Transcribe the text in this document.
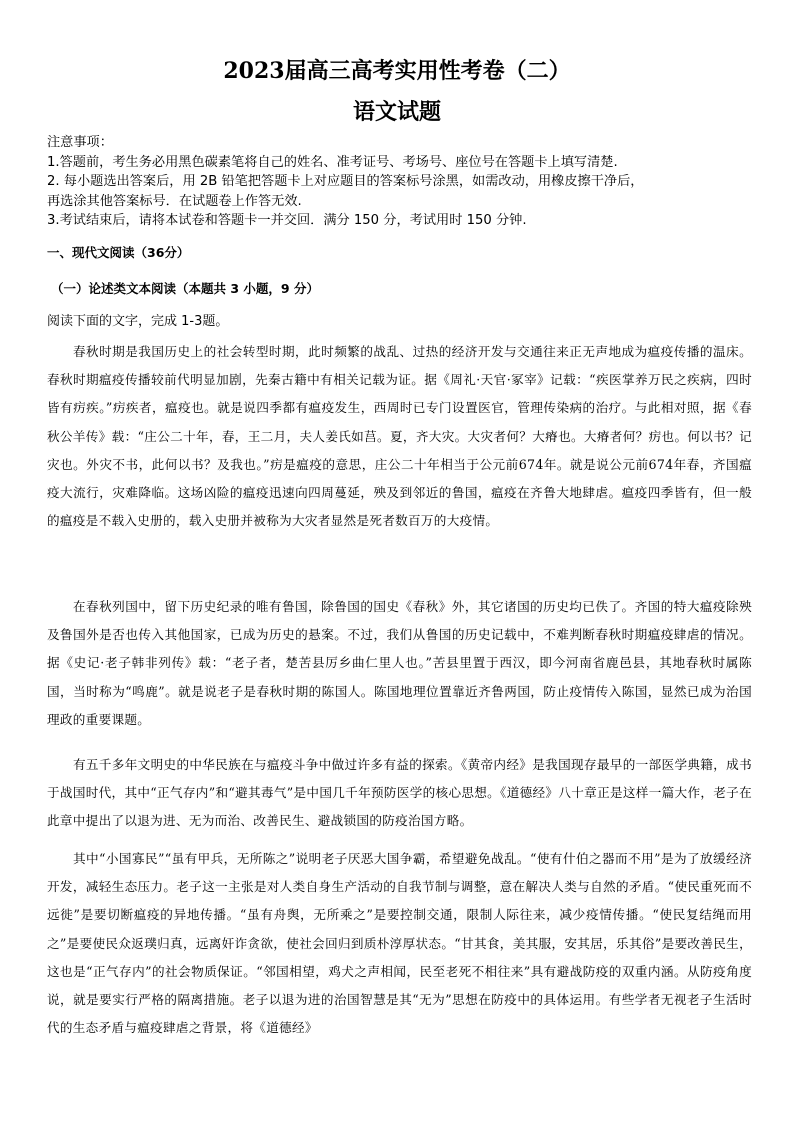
2023届高三高考实用性考卷（二）
语文试题
注意事项：
1.答题前，考生务必用黑色碳素笔将自己的姓名、准考证号、考场号、座位号在答题卡上填写清楚.
2. 每小题选出答案后，用 2B 铅笔把答题卡上对应题目的答案标号涂黑，如需改动，用橡皮擦干净后，
再选涂其他答案标号．在试题卷上作答无效.
3.考试结束后，请将本试卷和答题卡一并交回．满分 150 分，考试用时 150 分钟.
一、现代文阅读（36分）
（一）论述类文本阅读（本题共 3 小题，9 分）
阅读下面的文字，完成 1-3题。
春秋时期是我国历史上的社会转型时期，此时频繁的战乱、过热的经济开发与交通往来正无声地成为瘟疫传播的温床。春秋时期瘟疫传播较前代明显加剧，先秦古籍中有相关记载为证。据《周礼·天官·冢宰》记载：“疾医掌养万民之疾病，四时皆有疠疾。”疠疾者，瘟疫也。就是说四季都有瘟疫发生，西周时已专门设置医官，管理传染病的治疗。与此相对照，据《春秋公羊传》载：“庄公二十年，春，王二月，夫人姜氏如莒。夏，齐大灾。大灾者何？大瘠也。大瘠者何？疠也。何以书？记灾也。外灾不书，此何以书？及我也。”疠是瘟疫的意思，庄公二十年相当于公元前674年。就是说公元前674年春，齐国瘟疫大流行，灾难降临。这场凶险的瘟疫迅速向四周蔓延，殃及到邻近的鲁国，瘟疫在齐鲁大地肆虐。瘟疫四季皆有，但一般的瘟疫是不载入史册的，载入史册并被称为大灾者显然是死者数百万的大疫情。
在春秋列国中，留下历史纪录的唯有鲁国，除鲁国的国史《春秋》外，其它诸国的历史均已佚了。齐国的特大瘟疫除殃及鲁国外是否也传入其他国家，已成为历史的悬案。不过，我们从鲁国的历史记载中，不难判断春秋时期瘟疫肆虐的情况。据《史记·老子韩非列传》载：“老子者，楚苦县厉乡曲仁里人也。”苦县里置于西汉，即今河南省鹿邑县，其地春秋时属陈国，当时称为“鸣鹿”。就是说老子是春秋时期的陈国人。陈国地理位置靠近齐鲁两国，防止疫情传入陈国，显然已成为治国理政的重要课题。
有五千多年文明史的中华民族在与瘟疫斗争中做过许多有益的探索。《黄帝内经》是我国现存最早的一部医学典籍，成书于战国时代，其中“正气存内”和“避其毒气”是中国几千年预防医学的核心思想。《道德经》八十章正是这样一篇大作，老子在此章中提出了以退为进、无为而治、改善民生、避战锁国的防疫治国方略。
其中“小国寡民”“虽有甲兵，无所陈之”说明老子厌恶大国争霸，希望避免战乱。“使有什伯之器而不用”是为了放缓经济开发，减轻生态压力。老子这一主张是对人类自身生产活动的自我节制与调整，意在解决人类与自然的矛盾。“使民重死而不远徙”是要切断瘟疫的异地传播。“虽有舟舆，无所乘之”是要控制交通，限制人际往来，减少疫情传播。“使民复结绳而用之”是要使民众返璞归真，远离奸诈贪欲，使社会回归到质朴淳厚状态。“甘其食，美其服，安其居，乐其俗”是要改善民生，这也是“正气存内”的社会物质保证。“邻国相望，鸡犬之声相闻，民至老死不相往来”具有避战防疫的双重内涵。从防疫角度说，就是要实行严格的隔离措施。老子以退为进的治国智慧是其“无为”思想在防疫中的具体运用。有些学者无视老子生活时代的生态矛盾与瘟疫肆虐之背景，将《道德经》
